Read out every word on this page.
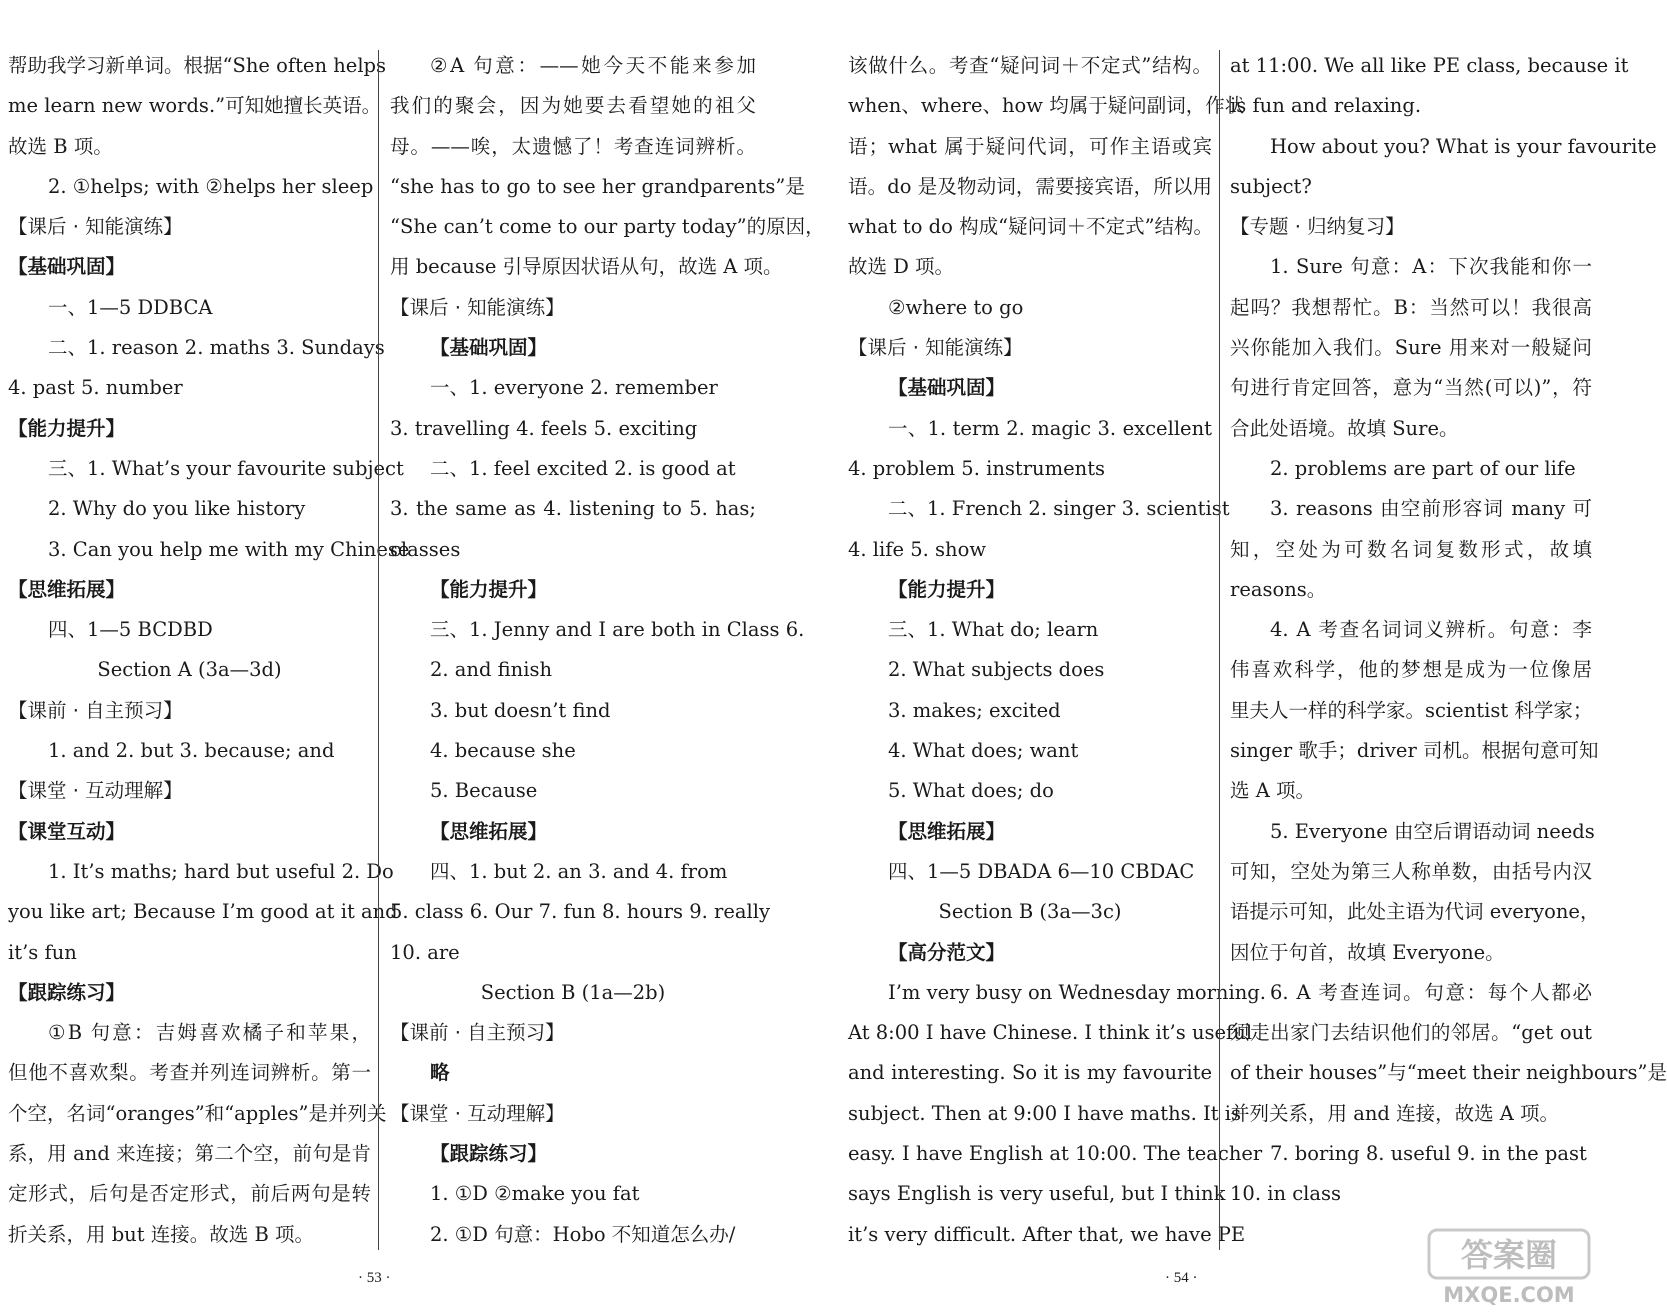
帮助我学习新单词。根据“She often helps
me learn new words.”可知她擅长英语。
故选 B 项。
2. ①helps; with ②helps her sleep
【课后 · 知能演练】
【基础巩固】
一、1—5 DDBCA
二、1. reason 2. maths 3. Sundays
4. past 5. number
【能力提升】
三、1. What’s your favourite subject
2. Why do you like history
3. Can you help me with my Chinese
【思维拓展】
四、1—5 BCDBD
Section A (3a—3d)
【课前 · 自主预习】
1. and 2. but 3. because; and
【课堂 · 互动理解】
【课堂互动】
1. It’s maths; hard but useful 2. Do
you like art; Because I’m good at it and
it’s fun
【跟踪练习】
①B 句意：吉姆喜欢橘子和苹果，
但他不喜欢梨。考查并列连词辨析。第一
个空，名词“oranges”和“apples”是并列关
系，用 and 来连接；第二个空，前句是肯
定形式，后句是否定形式，前后两句是转
折关系，用 but 连接。故选 B 项。
②A 句意：——她今天不能来参加
我们的聚会，因为她要去看望她的祖父
母。——唉，太遗憾了！考查连词辨析。
“she has to go to see her grandparents”是
“She can’t come to our party today”的原因，
用 because 引导原因状语从句，故选 A 项。
【课后 · 知能演练】
【基础巩固】
一、1. everyone 2. remember
3. travelling 4. feels 5. exciting
二、1. feel excited 2. is good at
3. the same as 4. listening to 5. has;
classes
【能力提升】
三、1. Jenny and I are both in Class 6.
2. and finish
3. but doesn’t find
4. because she
5. Because
【思维拓展】
四、1. but 2. an 3. and 4. from
5. class 6. Our 7. fun 8. hours 9. really
10. are
Section B (1a—2b)
【课前 · 自主预习】
略
【课堂 · 互动理解】
【跟踪练习】
1. ①D ②make you fat
2. ①D 句意：Hobo 不知道怎么办/
· 53 ·
该做什么。考查“疑问词＋不定式”结构。
when、where、how 均属于疑问副词，作状
语；what 属于疑问代词，可作主语或宾
语。do 是及物动词，需要接宾语，所以用
what to do 构成“疑问词＋不定式”结构。
故选 D 项。
②where to go
【课后 · 知能演练】
【基础巩固】
一、1. term 2. magic 3. excellent
4. problem 5. instruments
二、1. French 2. singer 3. scientist
4. life 5. show
【能力提升】
三、1. What do; learn
2. What subjects does
3. makes; excited
4. What does; want
5. What does; do
【思维拓展】
四、1—5 DBADA 6—10 CBDAC
Section B (3a—3c)
【高分范文】
I’m very busy on Wednesday morning.
At 8:00 I have Chinese. I think it’s useful
and interesting. So it is my favourite
subject. Then at 9:00 I have maths. It is
easy. I have English at 10:00. The teacher
says English is very useful, but I think
it’s very difficult. After that, we have PE
at 11:00. We all like PE class, because it
is fun and relaxing.
How about you? What is your favourite
subject?
【专题 · 归纳复习】
1. Sure 句意：A：下次我能和你一
起吗？我想帮忙。B：当然可以！我很高
兴你能加入我们。Sure 用来对一般疑问
句进行肯定回答，意为“当然(可以)”，符
合此处语境。故填 Sure。
2. problems are part of our life
3. reasons 由空前形容词 many 可
知，空处为可数名词复数形式，故填
reasons。
4. A 考查名词词义辨析。句意：李
伟喜欢科学，他的梦想是成为一位像居
里夫人一样的科学家。scientist 科学家；
singer 歌手；driver 司机。根据句意可知
选 A 项。
5. Everyone 由空后谓语动词 needs
可知，空处为第三人称单数，由括号内汉
语提示可知，此处主语为代词 everyone，
因位于句首，故填 Everyone。
6. A 考查连词。句意：每个人都必
须走出家门去结识他们的邻居。“get out
of their houses”与“meet their neighbours”是
并列关系，用 and 连接，故选 A 项。
7. boring 8. useful 9. in the past
10. in class
· 54 ·
答案圈
MXQE.COM
